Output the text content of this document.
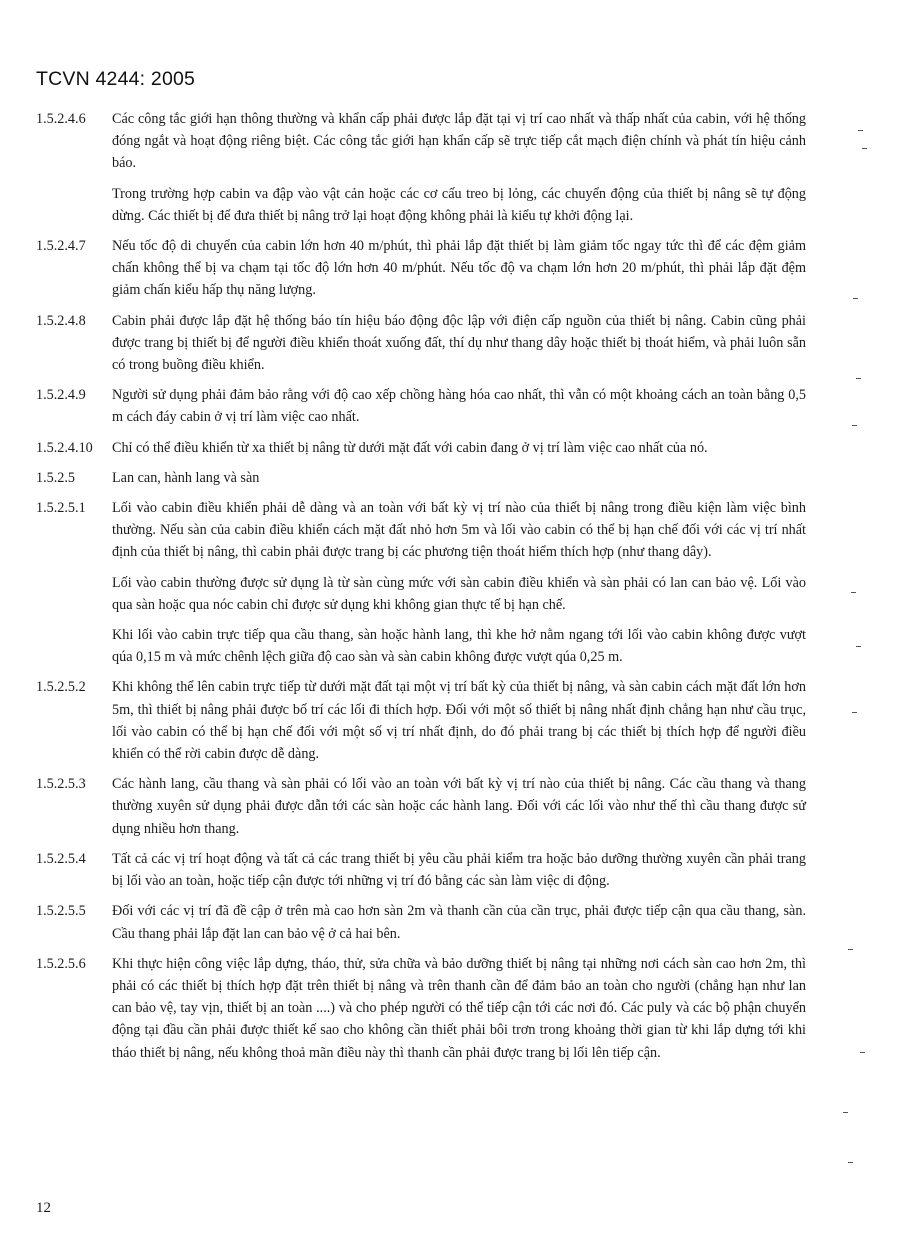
TCVN 4244: 2005
1.5.2.4.6	Các công tắc giới hạn thông thường và khẩn cấp phải được lắp đặt tại vị trí cao nhất và thấp nhất của cabin, với hệ thống đóng ngắt và hoạt động riêng biệt. Các công tắc giới hạn khẩn cấp sẽ trực tiếp cắt mạch điện chính và phát tín hiệu cảnh báo.
Trong trường hợp cabin va đập vào vật cản hoặc các cơ cấu treo bị lỏng, các chuyển động của thiết bị nâng sẽ tự động dừng. Các thiết bị để đưa thiết bị nâng trở lại hoạt động không phải là kiểu tự khởi động lại.
1.5.2.4.7	Nếu tốc độ di chuyển của cabin lớn hơn 40 m/phút, thì phải lắp đặt thiết bị làm giảm tốc ngay tức thì để các đệm giảm chấn không thể bị va chạm tại tốc độ lớn hơn 40 m/phút. Nếu tốc độ va chạm lớn hơn 20 m/phút, thì phải lắp đặt đệm giảm chấn kiểu hấp thụ năng lượng.
1.5.2.4.8	Cabin phải được lắp đặt hệ thống báo tín hiệu báo động độc lập với điện cấp nguồn của thiết bị nâng. Cabin cũng phải được trang bị thiết bị để người điều khiển thoát xuống đất, thí dụ như thang dây hoặc thiết bị thoát hiểm, và phải luôn sẵn có trong buồng điều khiển.
1.5.2.4.9	Người sử dụng phải đảm bảo rằng với độ cao xếp chồng hàng hóa cao nhất, thì vẫn có một khoảng cách an toàn bằng 0,5 m cách đáy cabin ở vị trí làm việc cao nhất.
1.5.2.4.10	Chỉ có thể điều khiển từ xa thiết bị nâng từ dưới mặt đất với cabin đang ở vị trí làm việc cao nhất của nó.
1.5.2.5	Lan can, hành lang và sàn
1.5.2.5.1	Lối vào cabin điều khiển phải dễ dàng và an toàn với bất kỳ vị trí nào của thiết bị nâng trong điều kiện làm việc bình thường. Nếu sàn của cabin điều khiển cách mặt đất nhỏ hơn 5m và lối vào cabin có thể bị hạn chế đối với các vị trí nhất định của thiết bị nâng, thì cabin phải được trang bị các phương tiện thoát hiểm thích hợp (như thang dây).
Lối vào cabin thường được sử dụng là từ sàn cùng mức với sàn cabin điều khiển và sàn phải có lan can bảo vệ. Lối vào qua sàn hoặc qua nóc cabin chỉ được sử dụng khi không gian thực tế bị hạn chế.
Khi lối vào cabin trực tiếp qua cầu thang, sàn hoặc hành lang, thì khe hở nằm ngang tới lối vào cabin không được vượt qúa 0,15 m và mức chênh lệch giữa độ cao sàn và sàn cabin không được vượt qúa 0,25 m.
1.5.2.5.2	Khi không thể lên cabin trực tiếp từ dưới mặt đất tại một vị trí bất kỳ của thiết bị nâng, và sàn cabin cách mặt đất lớn hơn 5m, thì thiết bị nâng phải được bố trí các lối đi thích hợp. Đối với một số thiết bị nâng nhất định chẳng hạn như cầu trục, lối vào cabin có thể bị hạn chế đối với một số vị trí nhất định, do đó phải trang bị các thiết bị thích hợp để người điều khiển có thể rời cabin được dễ dàng.
1.5.2.5.3	Các hành lang, cầu thang và sàn phải có lối vào an toàn với bất kỳ vị trí nào của thiết bị nâng. Các cầu thang và thang thường xuyên sử dụng phải được dẫn tới các sàn hoặc các hành lang. Đối với các lối vào như thế thì cầu thang được sử dụng nhiều hơn thang.
1.5.2.5.4	Tất cả các vị trí hoạt động và tất cả các trang thiết bị yêu cầu phải kiểm tra hoặc bảo dưỡng thường xuyên cần phải trang bị lối vào an toàn, hoặc tiếp cận được tới những vị trí đó bằng các sàn làm việc di động.
1.5.2.5.5	Đối với các vị trí đã đề cập ở trên mà cao hơn sàn 2m và thanh cần của cần trục, phải được tiếp cận qua cầu thang, sàn. Cầu thang phải lắp đặt lan can bảo vệ ở cả hai bên.
1.5.2.5.6	Khi thực hiện công việc lắp dựng, tháo, thử, sửa chữa và bảo dưỡng thiết bị nâng tại những nơi cách sàn cao hơn 2m, thì phải có các thiết bị thích hợp đặt trên thiết bị nâng và trên thanh cần để đảm bảo an toàn cho người (chẳng hạn như lan can bảo vệ, tay vịn, thiết bị an toàn ....) và cho phép người có thể tiếp cận tới các nơi đó. Các puly và các bộ phận chuyển động tại đầu cần phải được thiết kế sao cho không cần thiết phải bôi trơn trong khoảng thời gian từ khi lắp dựng tới khi tháo thiết bị nâng, nếu không thoả mãn điều này thì thanh cần phải được trang bị lối lên tiếp cận.
12
